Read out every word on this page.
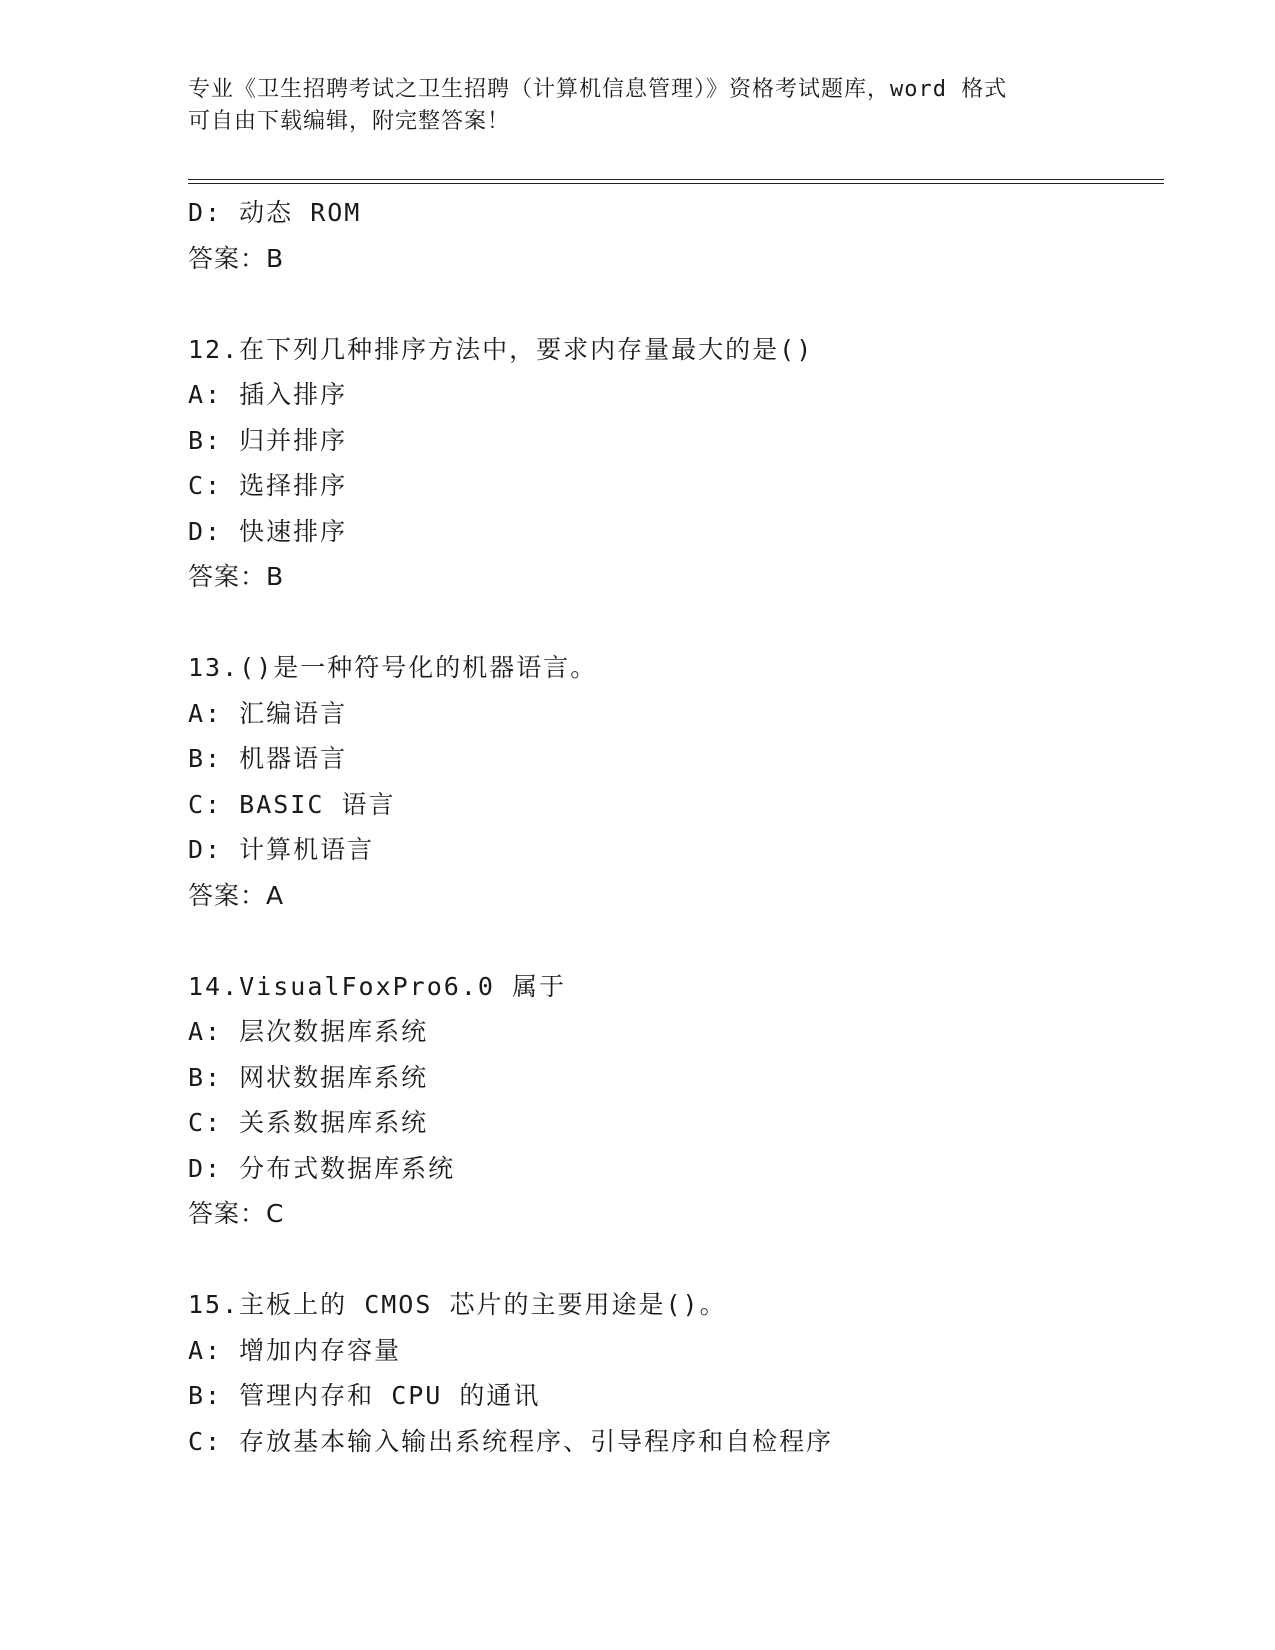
专业《卫生招聘考试之卫生招聘（计算机信息管理）》资格考试题库，word 格式
可自由下载编辑，附完整答案！
D: 动态 ROM
答案：B
12.在下列几种排序方法中，要求内存量最大的是()
A: 插入排序
B: 归并排序
C: 选择排序
D: 快速排序
答案：B
13.()是一种符号化的机器语言。
A: 汇编语言
B: 机器语言
C: BASIC 语言
D: 计算机语言
答案：A
14.VisualFoxPro6.0 属于
A: 层次数据库系统
B: 网状数据库系统
C: 关系数据库系统
D: 分布式数据库系统
答案：C
15.主板上的 CMOS 芯片的主要用途是()。
A: 增加内存容量
B: 管理内存和 CPU 的通讯
C: 存放基本输入输出系统程序、引导程序和自检程序
